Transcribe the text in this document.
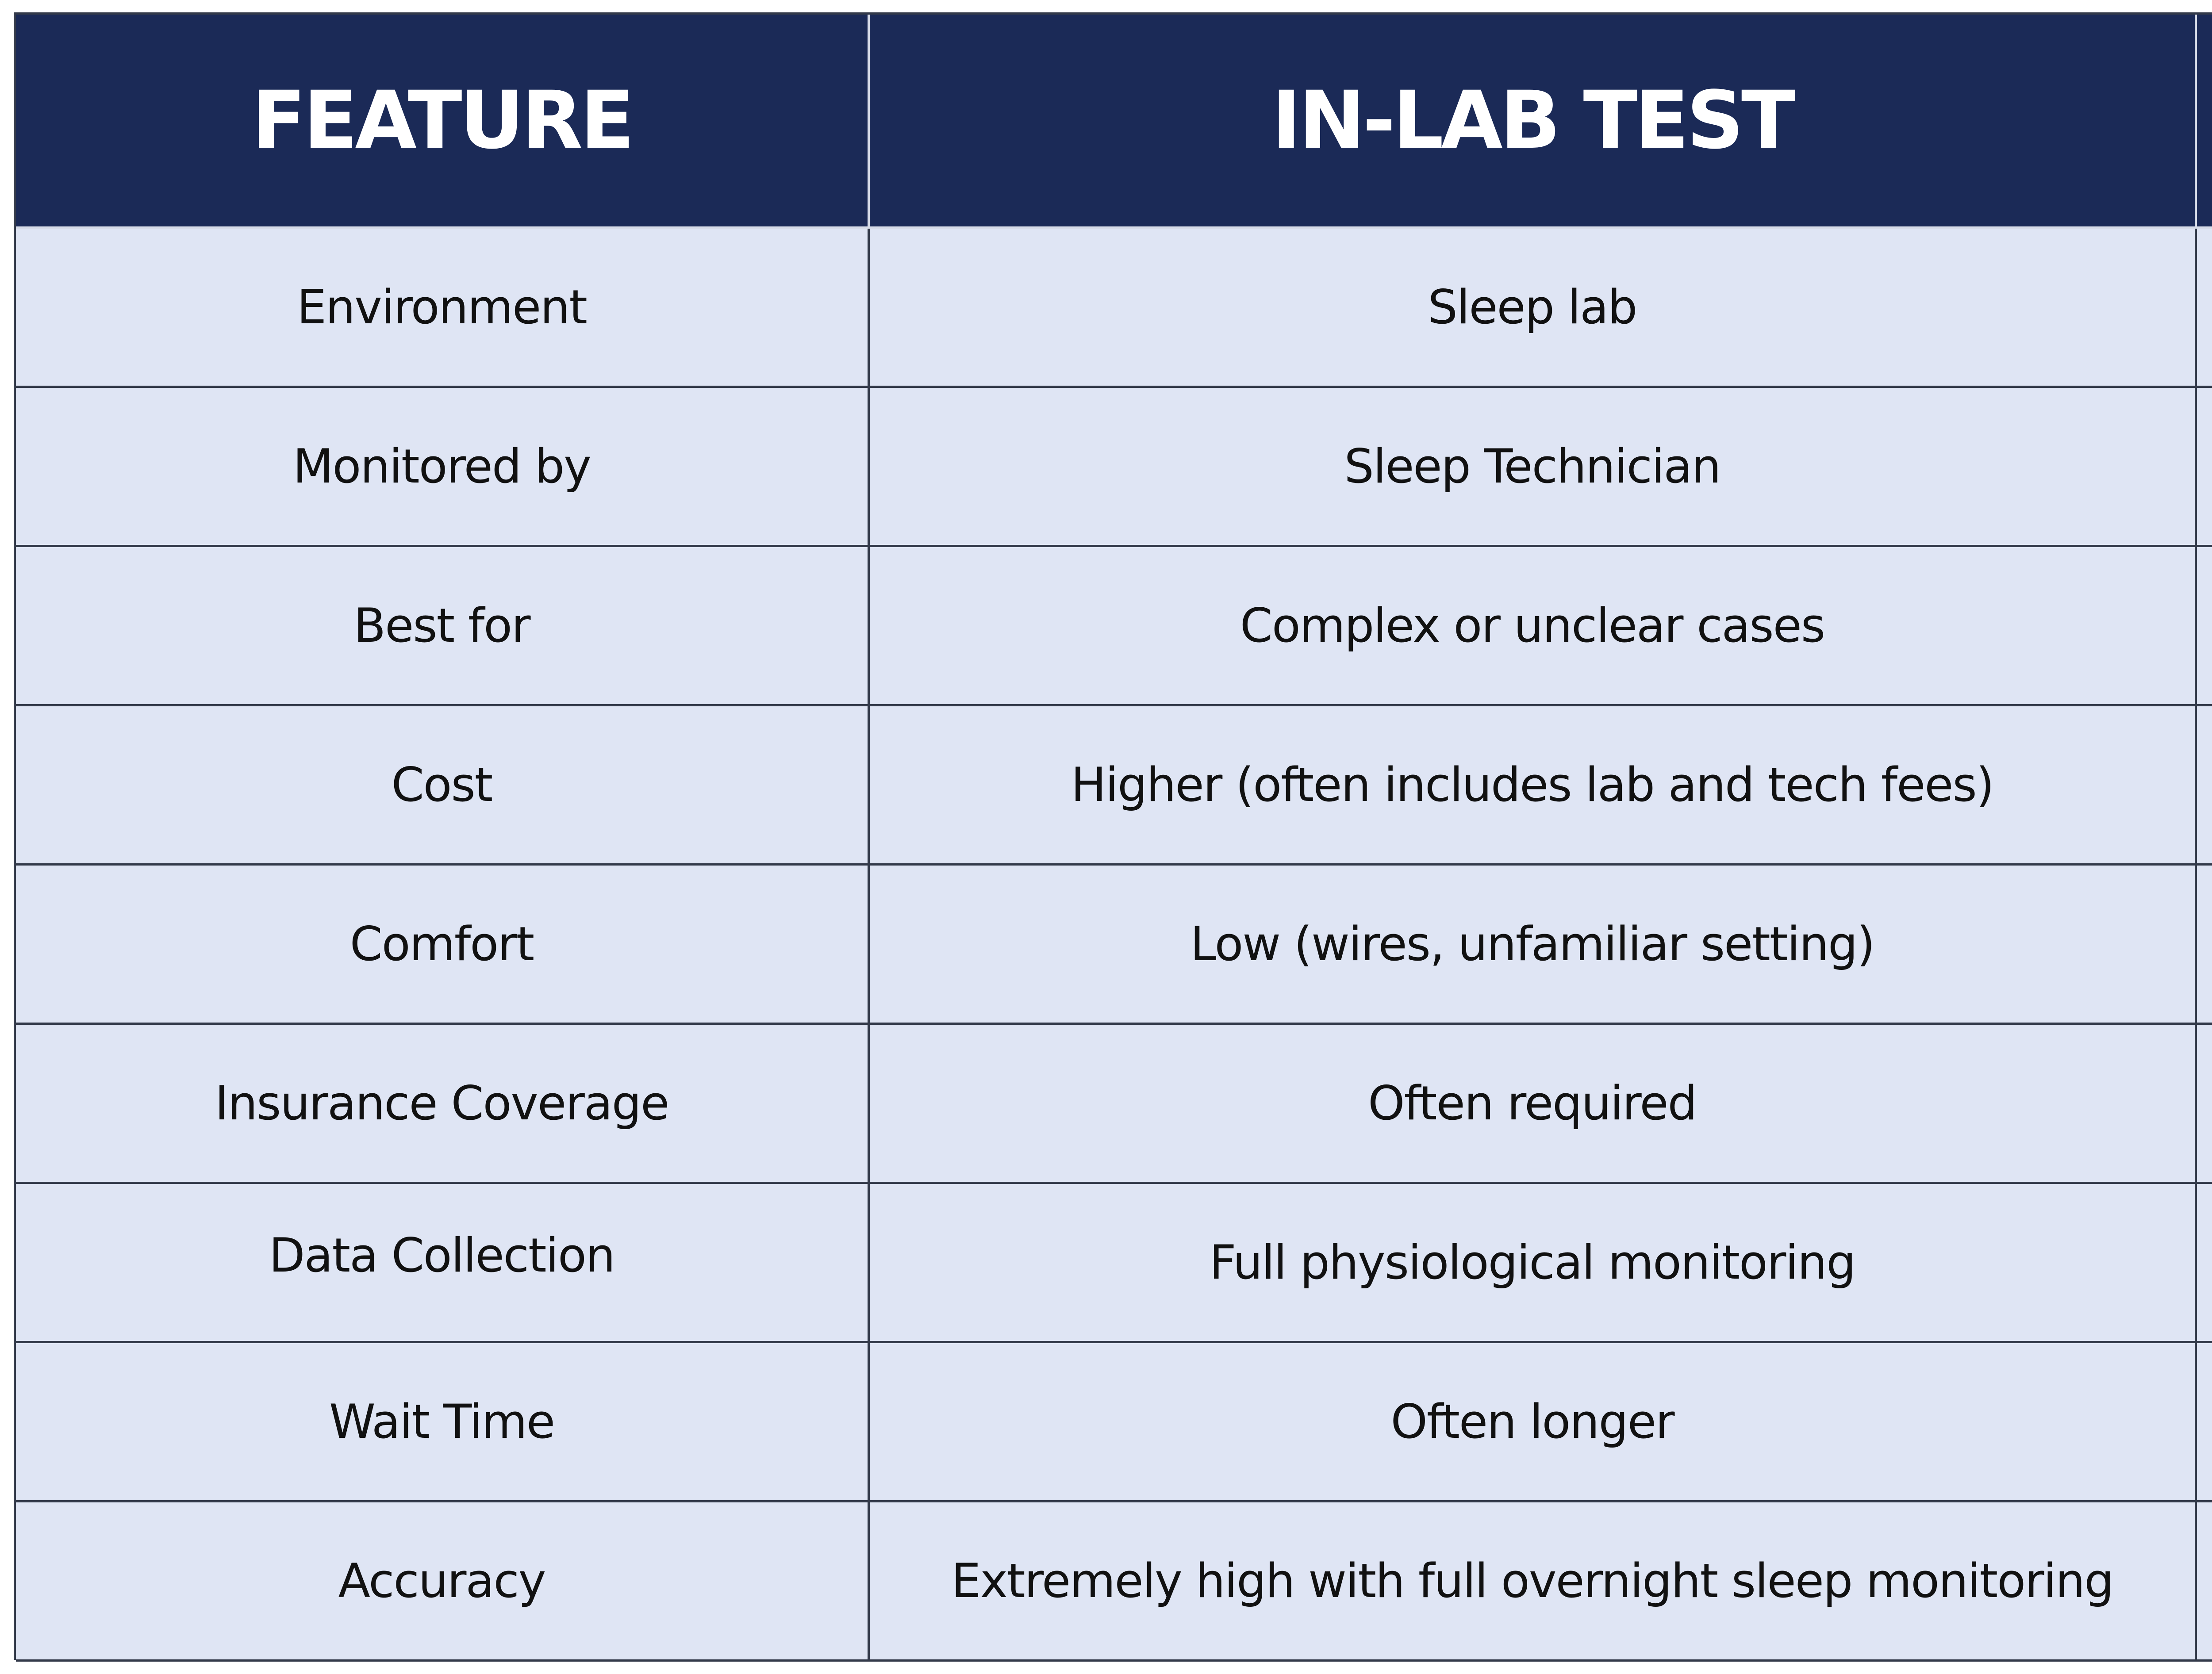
FEATURE	IN-LAB TEST
Environment	Sleep lab
Monitored by	Sleep Technician
Best for	Complex or unclear cases
Cost	Higher (often includes lab and tech fees)
Comfort	Low (wires, unfamiliar setting)
Insurance Coverage	Often required
Data Collection	Full physiological monitoring
Wait Time	Often longer
Accuracy	Extremely high with full overnight sleep monitoring
